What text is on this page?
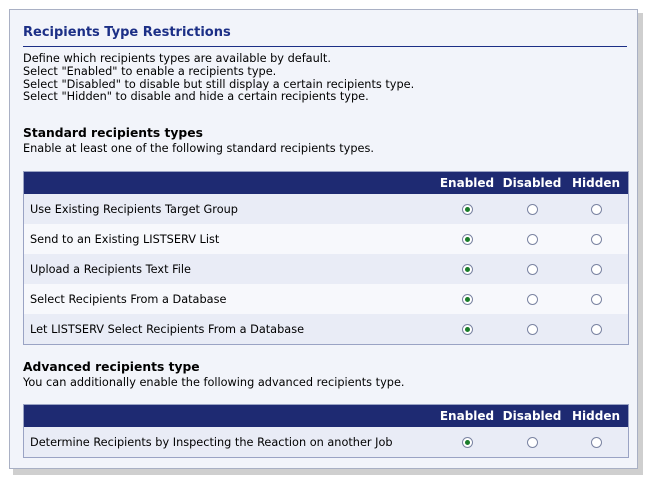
Recipients Type Restrictions
Define which recipients types are available by default.
Select "Enabled" to enable a recipients type.
Select "Disabled" to disable but still display a certain recipients type.
Select "Hidden" to disable and hide a certain recipients type.
Standard recipients types
Enable at least one of the following standard recipients types.
	Enabled	Disabled	Hidden
Use Existing Recipients Target Group			
Send to an Existing LISTSERV List			
Upload a Recipients Text File			
Select Recipients From a Database			
Let LISTSERV Select Recipients From a Database			
Advanced recipients type
You can additionally enable the following advanced recipients type.
	Enabled	Disabled	Hidden
Determine Recipients by Inspecting the Reaction on another Job			
